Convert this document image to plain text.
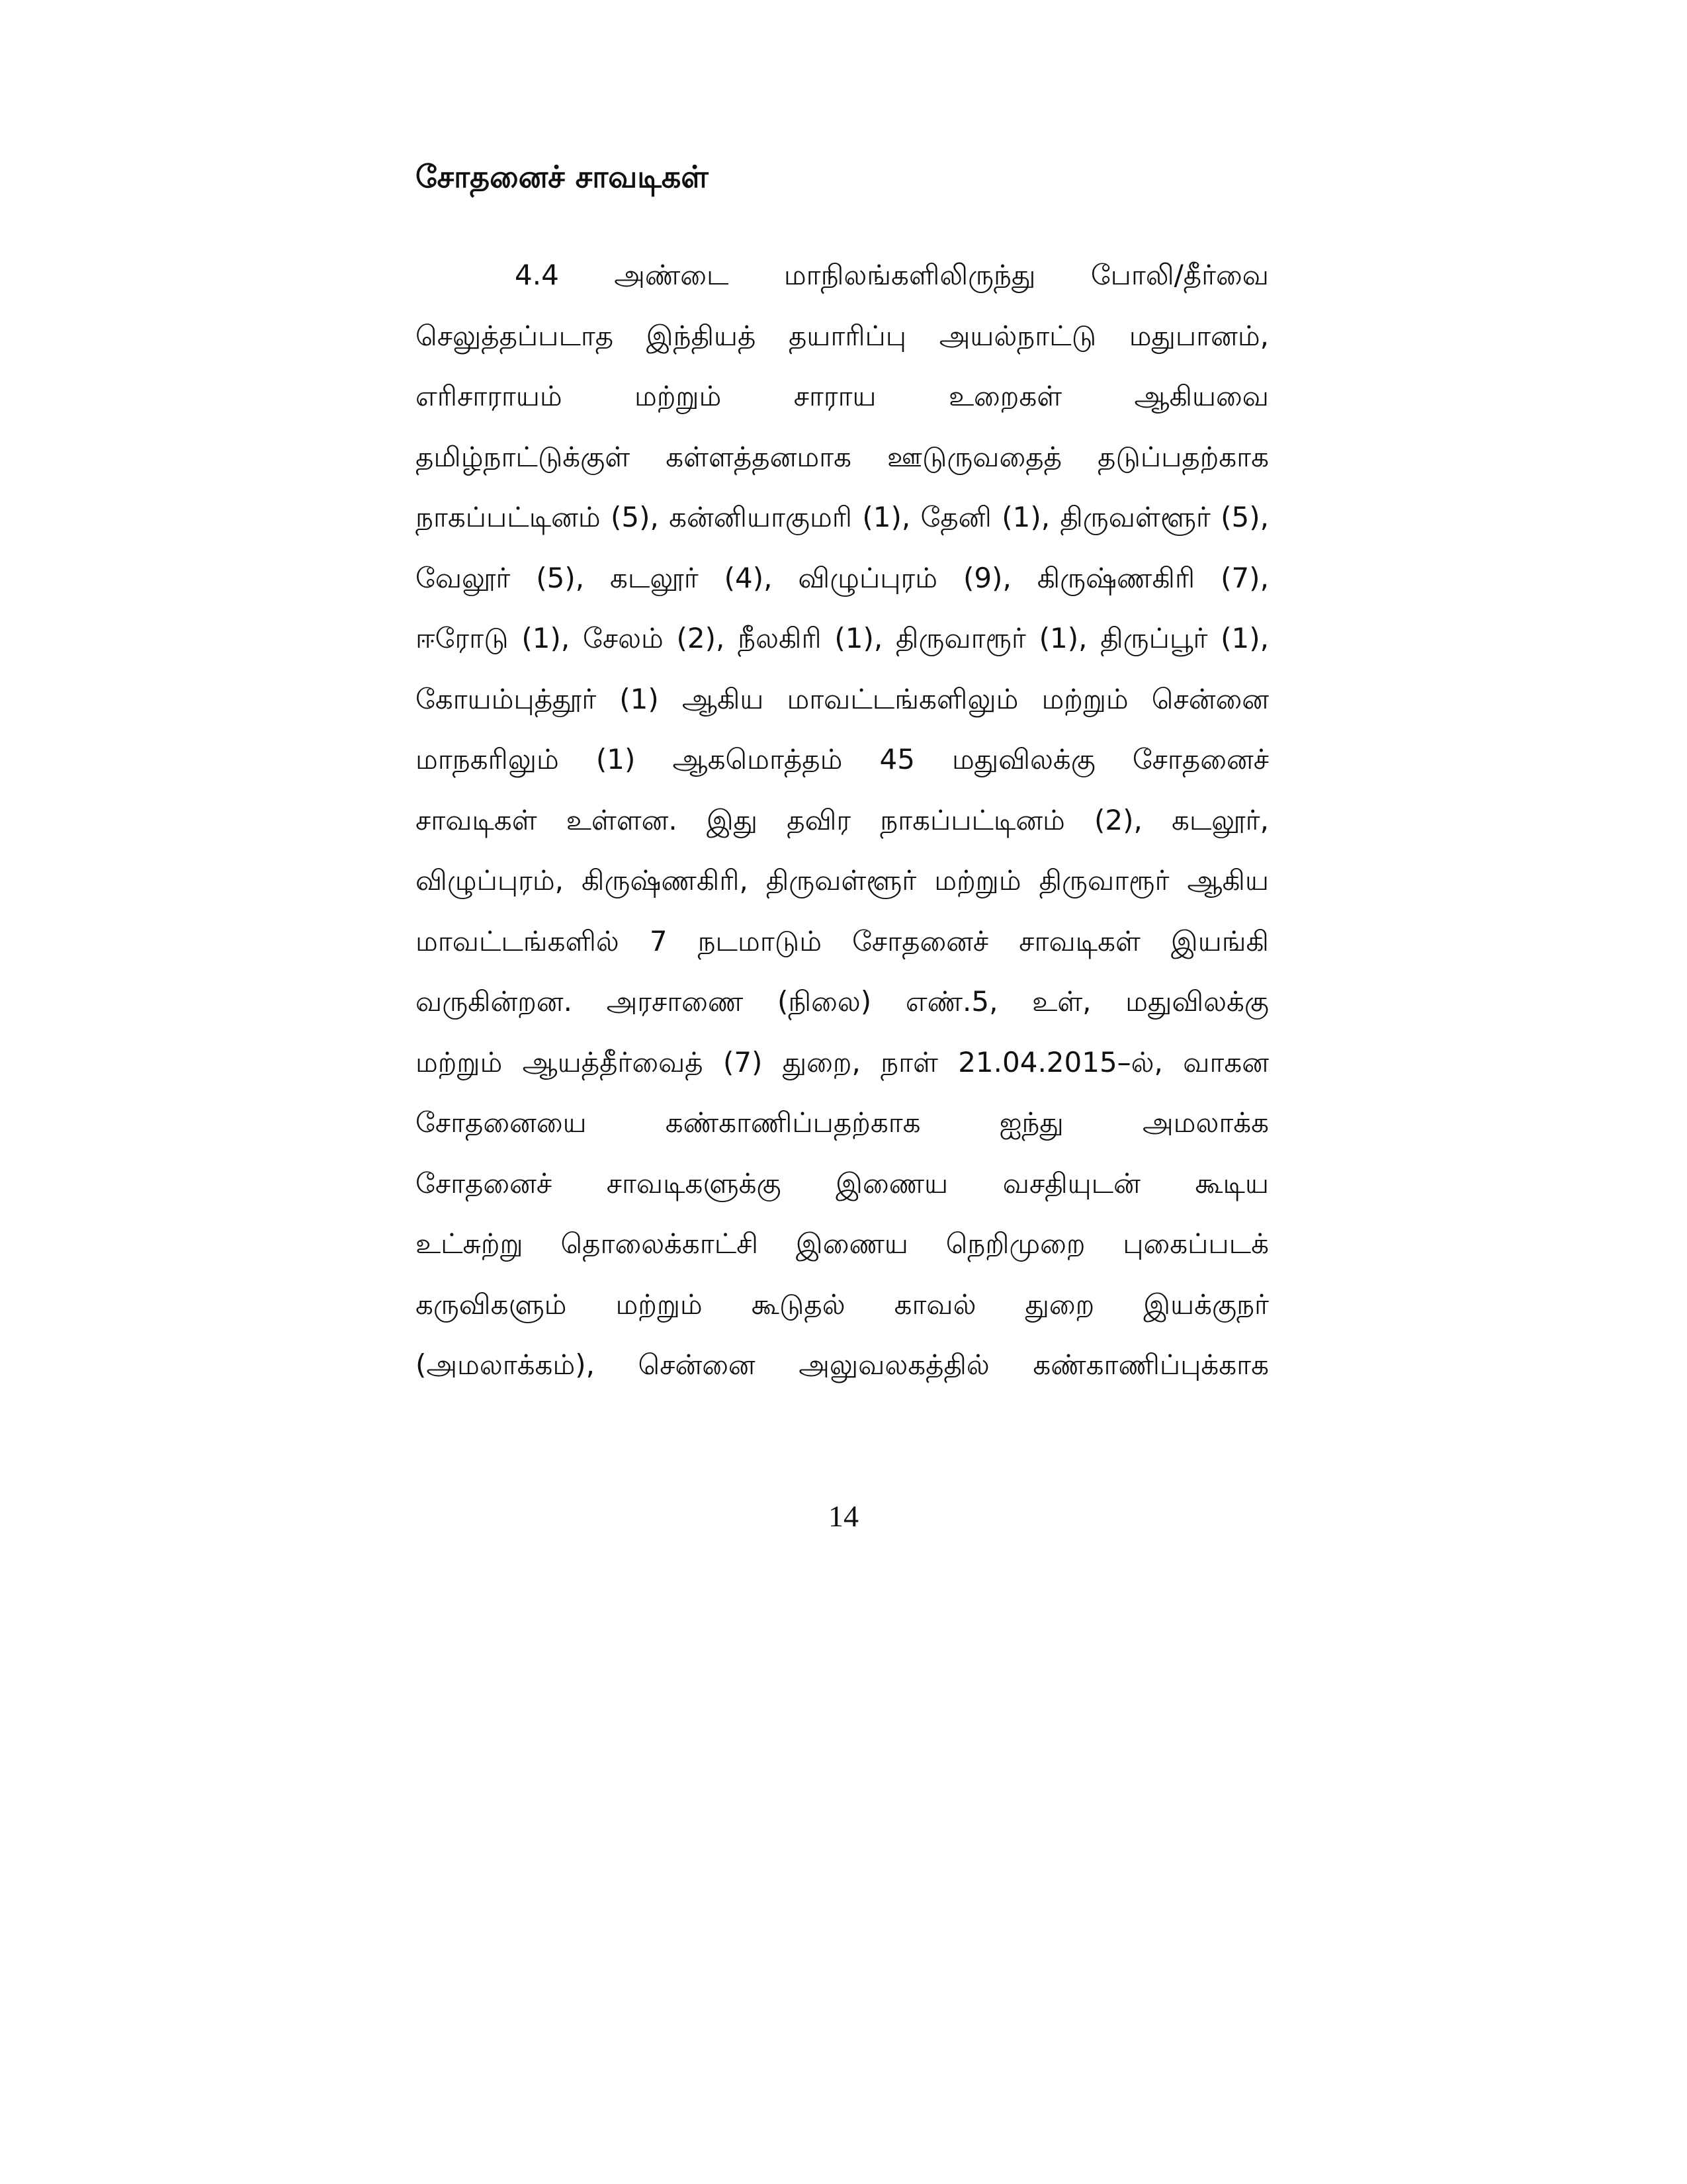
சோதனைச் சாவடிகள்
4.4 அண்டை மாநிலங்களிலிருந்து போலி/தீர்வை
செலுத்தப்படாத இந்தியத் தயாரிப்பு அயல்நாட்டு மதுபானம்,
எரிசாராயம்	மற்றும்	சாராய	உறைகள்	ஆகியவை
தமிழ்நாட்டுக்குள் கள்ளத்தனமாக ஊடுருவதைத் தடுப்பதற்காக
நாகப்பட்டினம் (5), கன்னியாகுமரி (1), தேனி (1), திருவள்ளூர் (5),
வேலூர் (5), கடலூர் (4), விழுப்புரம் (9), கிருஷ்ணகிரி (7),
ஈரோடு (1), சேலம் (2), நீலகிரி (1), திருவாரூர் (1), திருப்பூர் (1),
கோயம்புத்தூர் (1) ஆகிய மாவட்டங்களிலும் மற்றும் சென்னை
மாநகரிலும் (1) ஆகமொத்தம் 45 மதுவிலக்கு சோதனைச்
சாவடிகள் உள்ளன. இது தவிர நாகப்பட்டினம் (2), கடலூர்,
விழுப்புரம், கிருஷ்ணகிரி, திருவள்ளூர் மற்றும் திருவாரூர் ஆகிய
மாவட்டங்களில் 7 நடமாடும் சோதனைச் சாவடிகள் இயங்கி
வருகின்றன. அரசாணை (நிலை) எண்.5, உள், மதுவிலக்கு
மற்றும் ஆயத்தீர்வைத் (7) துறை, நாள் 21.04.2015–ல், வாகன
சோதனையை	கண்காணிப்பதற்காக	ஐந்து	அமலாக்க
சோதனைச் சாவடிகளுக்கு இணைய வசதியுடன் கூடிய
உட்சுற்று தொலைக்காட்சி இணைய நெறிமுறை புகைப்படக்
கருவிகளும் மற்றும் கூடுதல் காவல் துறை இயக்குநர்
(அமலாக்கம்), சென்னை அலுவலகத்தில் கண்காணிப்புக்காக
14
